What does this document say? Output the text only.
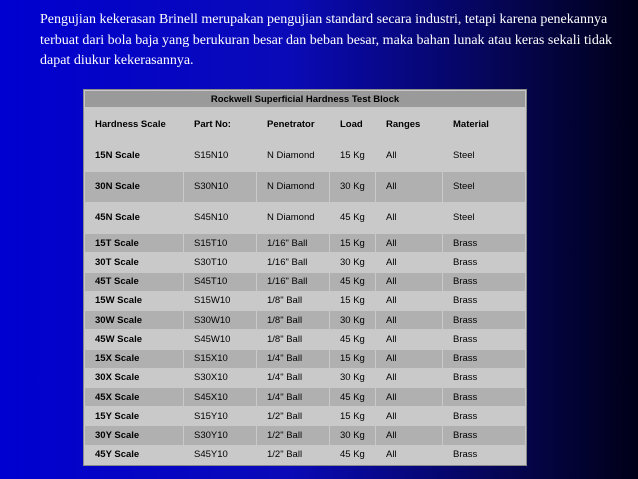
Pengujian kekerasan Brinell merupakan pengujian standard secara industri, tetapi karena penekannya terbuat dari bola baja yang berukuran besar dan beban besar, maka bahan lunak atau keras sekali tidak dapat diukur kekerasannya.

Rockwell Superficial Hardness Test Block					
Hardness Scale	Part No:	Penetrator	Load	Ranges	Material
15N Scale	S15N10	N Diamond	15 Kg	All	Steel
30N Scale	S30N10	N Diamond	30 Kg	All	Steel
45N Scale	S45N10	N Diamond	45 Kg	All	Steel
15T Scale	S15T10	1/16" Ball	15 Kg	All	Brass
30T Scale	S30T10	1/16" Ball	30 Kg	All	Brass
45T Scale	S45T10	1/16" Ball	45 Kg	All	Brass
15W Scale	S15W10	1/8" Ball	15 Kg	All	Brass
30W Scale	S30W10	1/8" Ball	30 Kg	All	Brass
45W Scale	S45W10	1/8" Ball	45 Kg	All	Brass
15X Scale	S15X10	1/4" Ball	15 Kg	All	Brass
30X Scale	S30X10	1/4" Ball	30 Kg	All	Brass
45X Scale	S45X10	1/4" Ball	45 Kg	All	Brass
15Y Scale	S15Y10	1/2" Ball	15 Kg	All	Brass
30Y Scale	S30Y10	1/2" Ball	30 Kg	All	Brass
45Y Scale	S45Y10	1/2" Ball	45 Kg	All	Brass
